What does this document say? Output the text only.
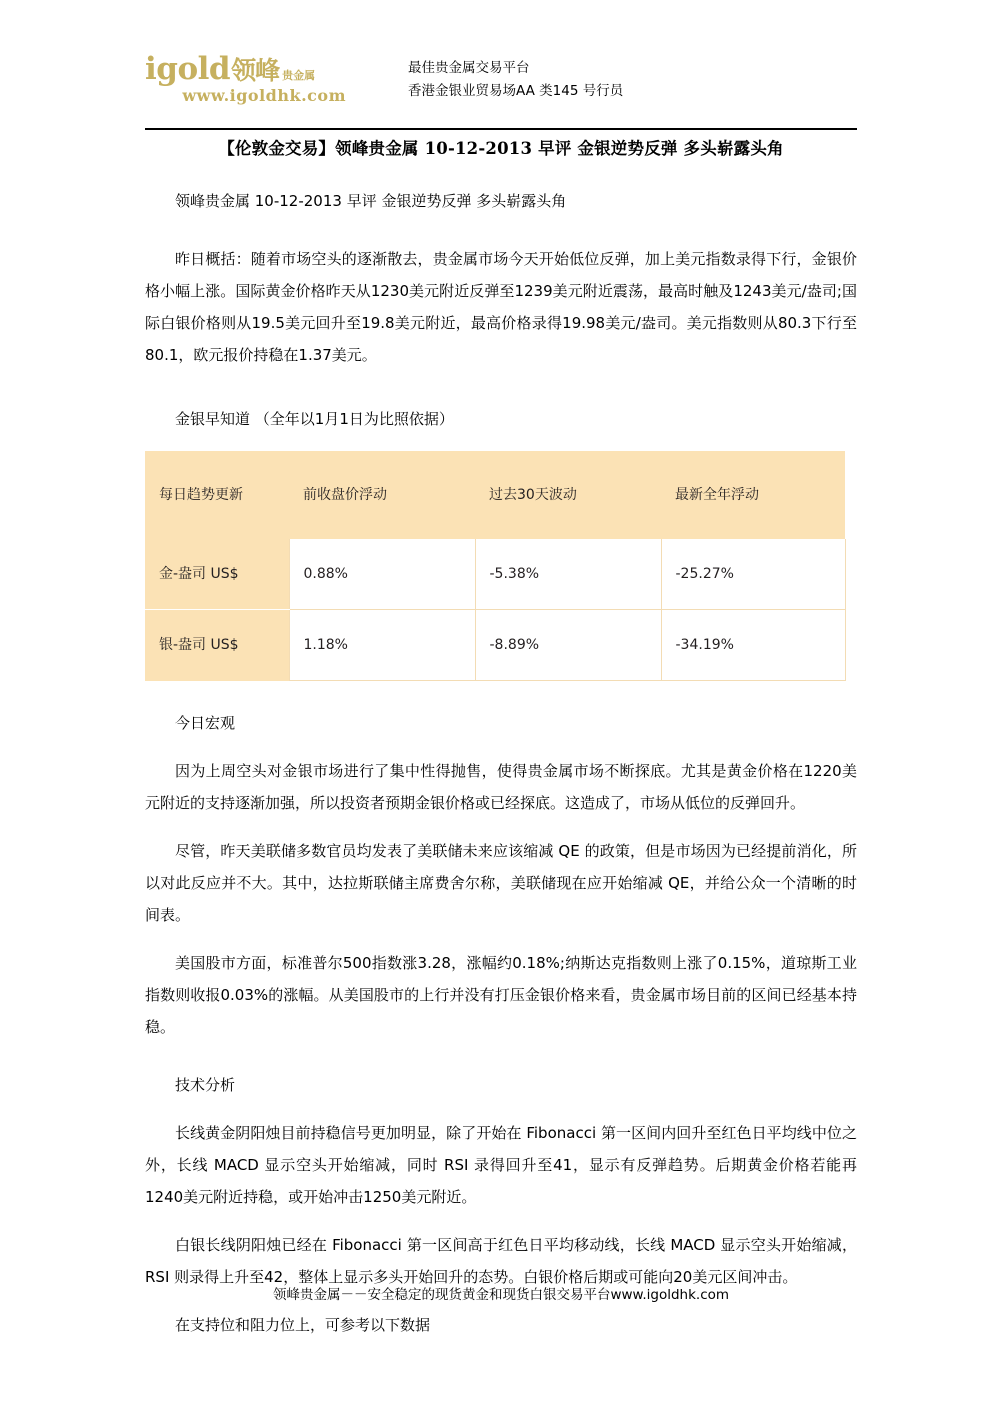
igold 领峰 贵金属
www.igoldhk.com
最佳贵金属交易平台
香港金银业贸易场AA 类145 号行员
【伦敦金交易】领峰贵金属 10-12-2013 早评 金银逆势反弹 多头崭露头角

领峰贵金属 10-12-2013 早评 金银逆势反弹 多头崭露头角

昨日概括：随着市场空头的逐渐散去，贵金属市场今天开始低位反弹，加上美元指数录得下行，金银价格小幅上涨。国际黄金价格昨天从1230美元附近反弹至1239美元附近震荡，最高时触及1243美元/盎司;国际白银价格则从19.5美元回升至19.8美元附近，最高价格录得19.98美元/盎司。美元指数则从80.3下行至80.1，欧元报价持稳在1.37美元。

金银早知道 （全年以1月1日为比照依据）

每日趋势更新	前收盘价浮动	过去30天波动	最新全年浮动
金-盎司 US$	0.88%	-5.38%	-25.27%
银-盎司 US$	1.18%	-8.89%	-34.19%

今日宏观

因为上周空头对金银市场进行了集中性得抛售，使得贵金属市场不断探底。尤其是黄金价格在1220美元附近的支持逐渐加强，所以投资者预期金银价格或已经探底。这造成了，市场从低位的反弹回升。

尽管，昨天美联储多数官员均发表了美联储未来应该缩减 QE 的政策，但是市场因为已经提前消化，所以对此反应并不大。其中，达拉斯联储主席费舍尔称，美联储现在应开始缩减 QE，并给公众一个清晰的时间表。

美国股市方面，标准普尔500指数涨3.28，涨幅约0.18%;纳斯达克指数则上涨了0.15%，道琼斯工业指数则收报0.03%的涨幅。从美国股市的上行并没有打压金银价格来看，贵金属市场目前的区间已经基本持稳。

技术分析

长线黄金阴阳烛目前持稳信号更加明显，除了开始在 Fibonacci 第一区间内回升至红色日平均线中位之外，长线 MACD 显示空头开始缩减，同时 RSI 录得回升至41，显示有反弹趋势。后期黄金价格若能再1240美元附近持稳，或开始冲击1250美元附近。

白银长线阴阳烛已经在 Fibonacci 第一区间高于红色日平均移动线，长线 MACD 显示空头开始缩减，RSI 则录得上升至42，整体上显示多头开始回升的态势。白银价格后期或可能向20美元区间冲击。

在支持位和阻力位上，可参考以下数据

领峰贵金属－－安全稳定的现货黄金和现货白银交易平台www.igoldhk.com
